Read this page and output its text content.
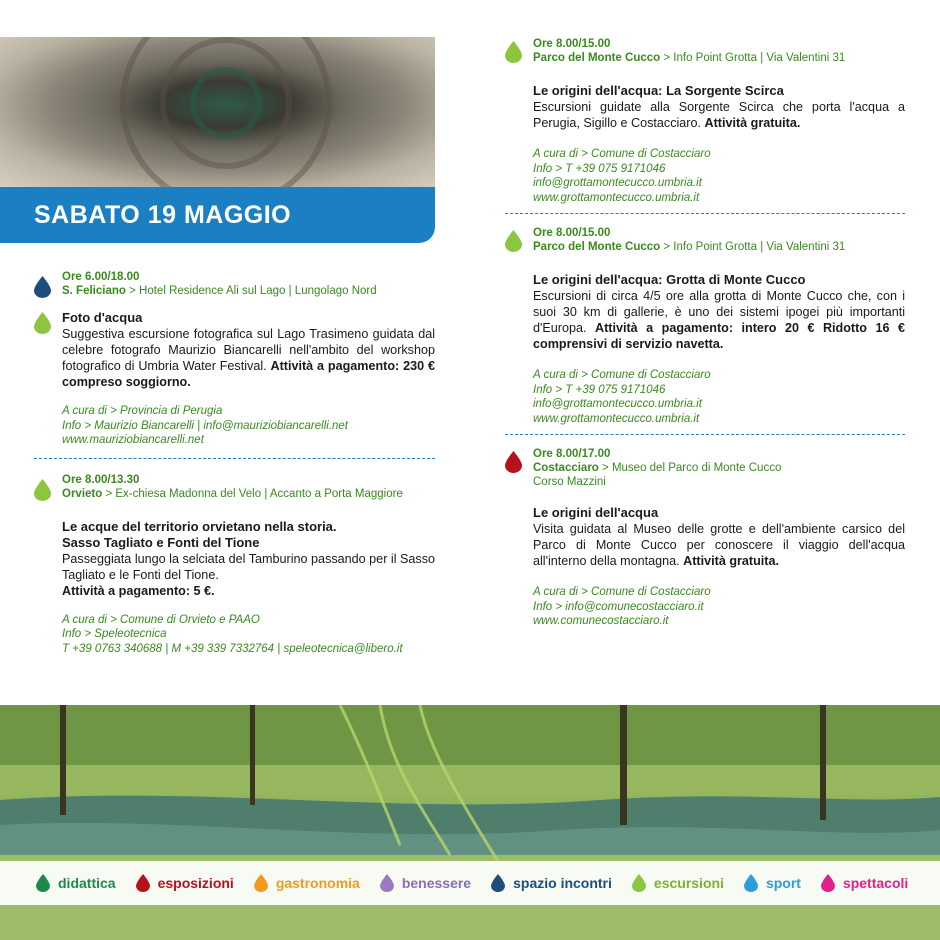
SABATO 19 MAGGIO
Ore 6.00/18.00
S. Feliciano > Hotel Residence Ali sul Lago | Lungolago Nord
Foto d'acqua
Suggestiva escursione fotografica sul Lago Trasimeno guidata dal celebre fotografo Maurizio Biancarelli nell'ambito del workshop fotografico di Umbria Water Festival. Attività a pagamento: 230 € compreso soggiorno.
A cura di > Provincia di Perugia
Info > Maurizio Biancarelli | info@mauriziobiancarelli.net
www.mauriziobiancarelli.net
Ore 8.00/13.30
Orvieto > Ex-chiesa Madonna del Velo | Accanto a Porta Maggiore
Le acque del territorio orvietano nella storia.
Sasso Tagliato e Fonti del Tione
Passeggiata lungo la selciata del Tamburino passando per il Sasso Tagliato e le Fonti del Tione.
Attività a pagamento: 5 €.
A cura di > Comune di Orvieto e PAAO
Info > Speleotecnica
T +39 0763 340688 | M +39 339 7332764 | speleotecnica@libero.it
Ore 8.00/15.00
Parco del Monte Cucco > Info Point Grotta | Via Valentini 31
Le origini dell'acqua: La Sorgente Scirca
Escursioni guidate alla Sorgente Scirca che porta l'acqua a Perugia, Sigillo e Costacciaro. Attività gratuita.
A cura di > Comune di Costacciaro
Info > T +39 075 9171046
info@grottamontecucco.umbria.it
www.grottamontecucco.umbria.it
Ore 8.00/15.00
Parco del Monte Cucco > Info Point Grotta | Via Valentini 31
Le origini dell'acqua: Grotta di Monte Cucco
Escursioni di circa 4/5 ore alla grotta di Monte Cucco che, con i suoi 30 km di gallerie, è uno dei sistemi ipogei più importanti d'Europa. Attività a pagamento: intero 20 € Ridotto 16 € comprensivi di servizio navetta.
A cura di > Comune di Costacciaro
Info > T +39 075 9171046
info@grottamontecucco.umbria.it
www.grottamontecucco.umbria.it
Ore 8.00/17.00
Costacciaro > Museo del Parco di Monte Cucco
Corso Mazzini
Le origini dell'acqua
Visita guidata al Museo delle grotte e dell'ambiente carsico del Parco di Monte Cucco per conoscere il viaggio dell'acqua all'interno della montagna. Attività gratuita.
A cura di > Comune di Costacciaro
Info > info@comunecostacciaro.it
www.comunecostacciaro.it
didattica	esposizioni	gastronomia	benessere	spazio incontri	escursioni	sport	spettacoli
